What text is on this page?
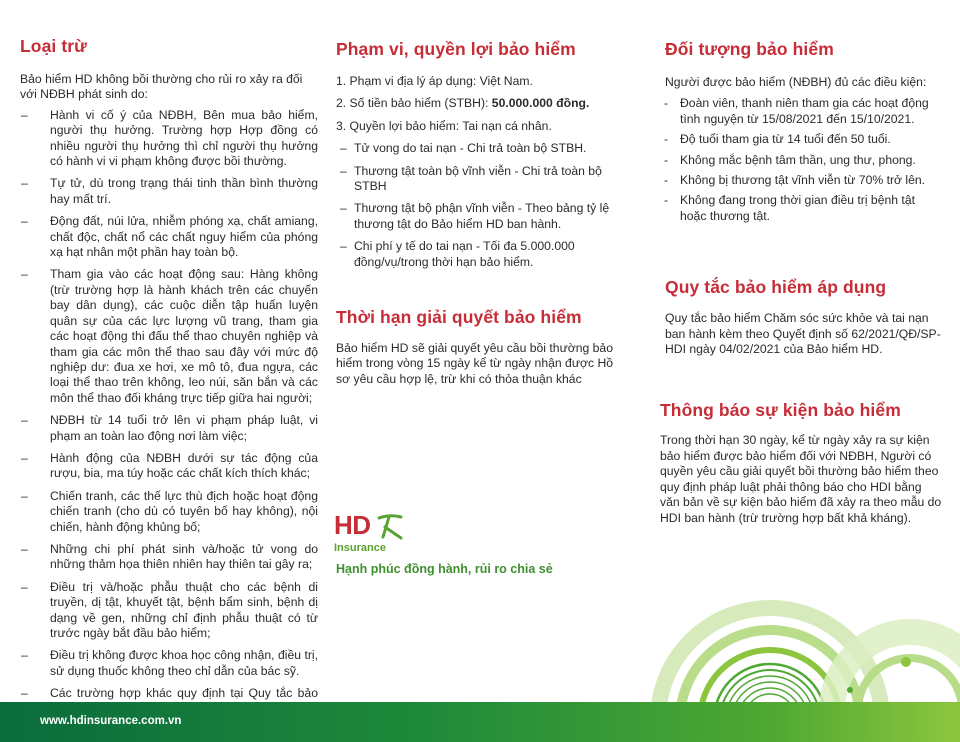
Loại trừ

Bảo hiểm HD không bồi thường cho rủi ro xảy ra đối với NĐBH phát sinh do:

– Hành vi cố ý của NĐBH, Bên mua bảo hiểm, người thụ hưởng. Trường hợp Hợp đồng có nhiều người thụ hưởng thì chỉ người thụ hưởng có hành vi vi phạm không được bồi thường.
– Tự tử, dù trong trạng thái tinh thần bình thường hay mất trí.
– Động đất, núi lửa, nhiễm phóng xạ, chất amiang, chất độc, chất nổ các chất nguy hiểm của phóng xạ hạt nhân một phần hay toàn bộ.
– Tham gia vào các hoạt động sau: Hàng không (trừ trường hợp là hành khách trên các chuyến bay dân dụng), các cuộc diễn tập huấn luyện quân sự của các lực lượng vũ trang, tham gia các hoạt động thi đấu thể thao chuyên nghiệp và tham gia các môn thể thao sau đây với mức độ nghiệp dư: đua xe hơi, xe mô tô, đua ngựa, các loại thể thao trên không, leo núi, săn bắn và các môn thể thao đối kháng trực tiếp giữa hai người;
– NĐBH từ 14 tuổi trở lên vi phạm pháp luật, vi phạm an toàn lao động nơi làm việc;
– Hành động của NĐBH dưới sự tác động của rượu, bia, ma túy hoặc các chất kích thích khác;
– Chiến tranh, các thế lực thù địch hoặc hoạt động chiến tranh (cho dù có tuyên bố hay không), nội chiến, hành động khủng bố;
– Những chi phí phát sinh và/hoặc tử vong do những thảm họa thiên nhiên hay thiên tai gây ra;
– Điều trị và/hoặc phẫu thuật cho các bệnh di truyền, dị tật, khuyết tật, bệnh bẩm sinh, bệnh dị dạng về gen, những chỉ định phẫu thuật có từ trước ngày bắt đầu bảo hiểm;
– Điều trị không được khoa học công nhận, điều trị, sử dụng thuốc không theo chỉ dẫn của bác sỹ.
– Các trường hợp khác quy định tại Quy tắc bảo
Phạm vi, quyền lợi bảo hiểm

1. Phạm vi địa lý áp dụng: Việt Nam.

2. Số tiền bảo hiểm (STBH): 50.000.000 đồng.

3. Quyền lợi bảo hiểm: Tai nạn cá nhân.

– Tử vong do tai nạn - Chi trả toàn bộ STBH.
– Thương tật toàn bộ vĩnh viễn - Chi trả toàn bộ STBH
– Thương tật bộ phận vĩnh viễn - Theo bảng tỷ lệ thương tật do Bảo hiểm HD ban hành.
– Chi phí y tế do tai nạn - Tối đa 5.000.000 đồng/vụ/trong thời hạn bảo hiểm.
Thời hạn giải quyết bảo hiểm

Bảo hiểm HD sẽ giải quyết yêu cầu bồi thường bảo hiểm trong vòng 15 ngày kể từ ngày nhận được Hồ sơ yêu cầu hợp lệ, trừ khi có thỏa thuận khác

HD
Insurance
Hạnh phúc đồng hành, rủi ro chia sẻ
Đối tượng bảo hiểm

Người được bảo hiểm (NĐBH) đủ các điều kiện:

- Đoàn viên, thanh niên tham gia các hoạt động tình nguyện từ 15/08/2021 đến 15/10/2021.
- Độ tuổi tham gia từ 14 tuổi đến 50 tuổi.
- Không mắc bệnh tâm thần, ung thư, phong.
- Không bị thương tật vĩnh viễn từ 70% trở lên.
- Không đang trong thời gian điều trị bệnh tật hoặc thương tật.
Quy tắc bảo hiểm áp dụng

Quy tắc bảo hiểm Chăm sóc sức khỏe và tai nạn ban hành kèm theo Quyết định số 62/2021/QĐ/SP-HDI ngày 04/02/2021 của Bảo hiểm HD.

Thông báo sự kiện bảo hiểm

Trong thời hạn 30 ngày, kể từ ngày xảy ra sự kiện bảo hiểm được bảo hiểm đối với NĐBH, Người có quyền yêu cầu giải quyết bồi thường bảo hiểm theo quy định pháp luật phải thông báo cho HDI bằng văn bản về sự kiện bảo hiểm đã xảy ra theo mẫu do HDI ban hành (trừ trường hợp bất khả kháng).

www.hdinsurance.com.vn
